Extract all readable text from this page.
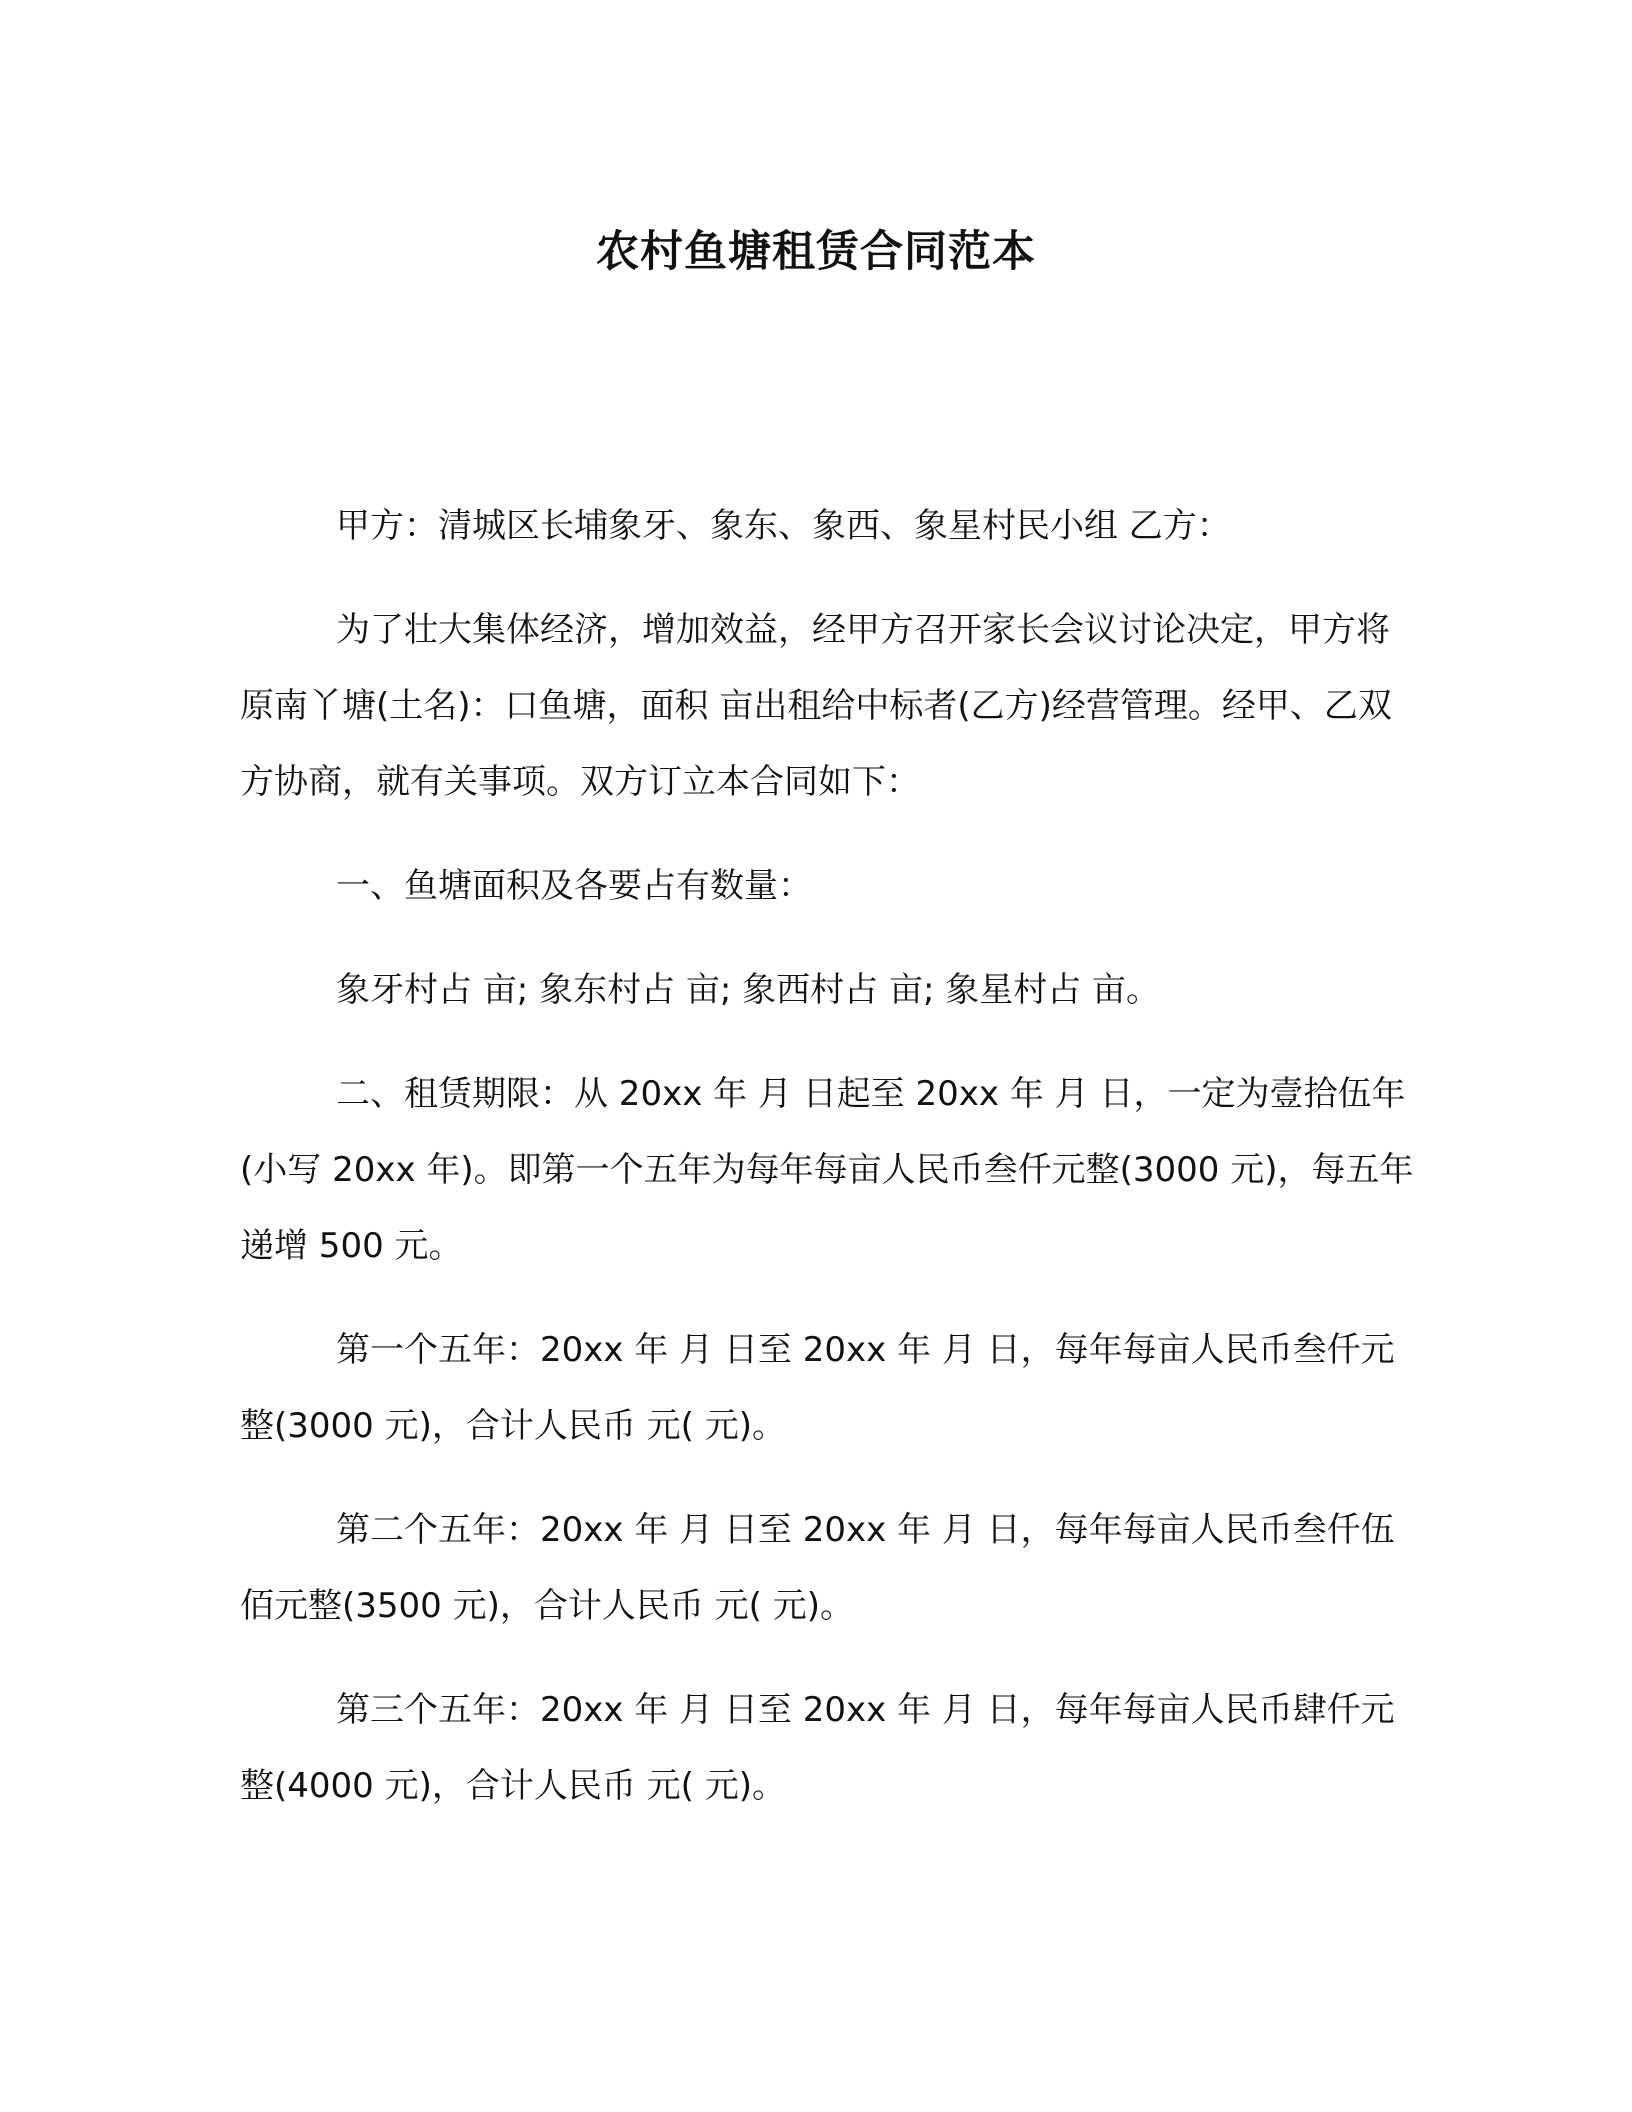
农村鱼塘租赁合同范本

甲方：清城区长埔象牙、象东、象西、象星村民小组 乙方：

为了壮大集体经济，增加效益，经甲方召开家长会议讨论决定，甲方将原南丫塘(土名)：口鱼塘，面积 亩出租给中标者(乙方)经营管理。经甲、乙双方协商，就有关事项。双方订立本合同如下：

一、鱼塘面积及各要占有数量：

象牙村占 亩; 象东村占 亩; 象西村占 亩; 象星村占 亩。

二、租赁期限：从 20xx 年 月 日起至 20xx 年 月 日，一定为壹拾伍年(小写 20xx 年)。即第一个五年为每年每亩人民币叁仟元整(3000 元)，每五年递增 500 元。

第一个五年：20xx 年 月 日至 20xx 年 月 日，每年每亩人民币叁仟元整(3000 元)，合计人民币 元( 元)。

第二个五年：20xx 年 月 日至 20xx 年 月 日，每年每亩人民币叁仟伍佰元整(3500 元)，合计人民币 元( 元)。

第三个五年：20xx 年 月 日至 20xx 年 月 日，每年每亩人民币肆仟元整(4000 元)，合计人民币 元( 元)。
